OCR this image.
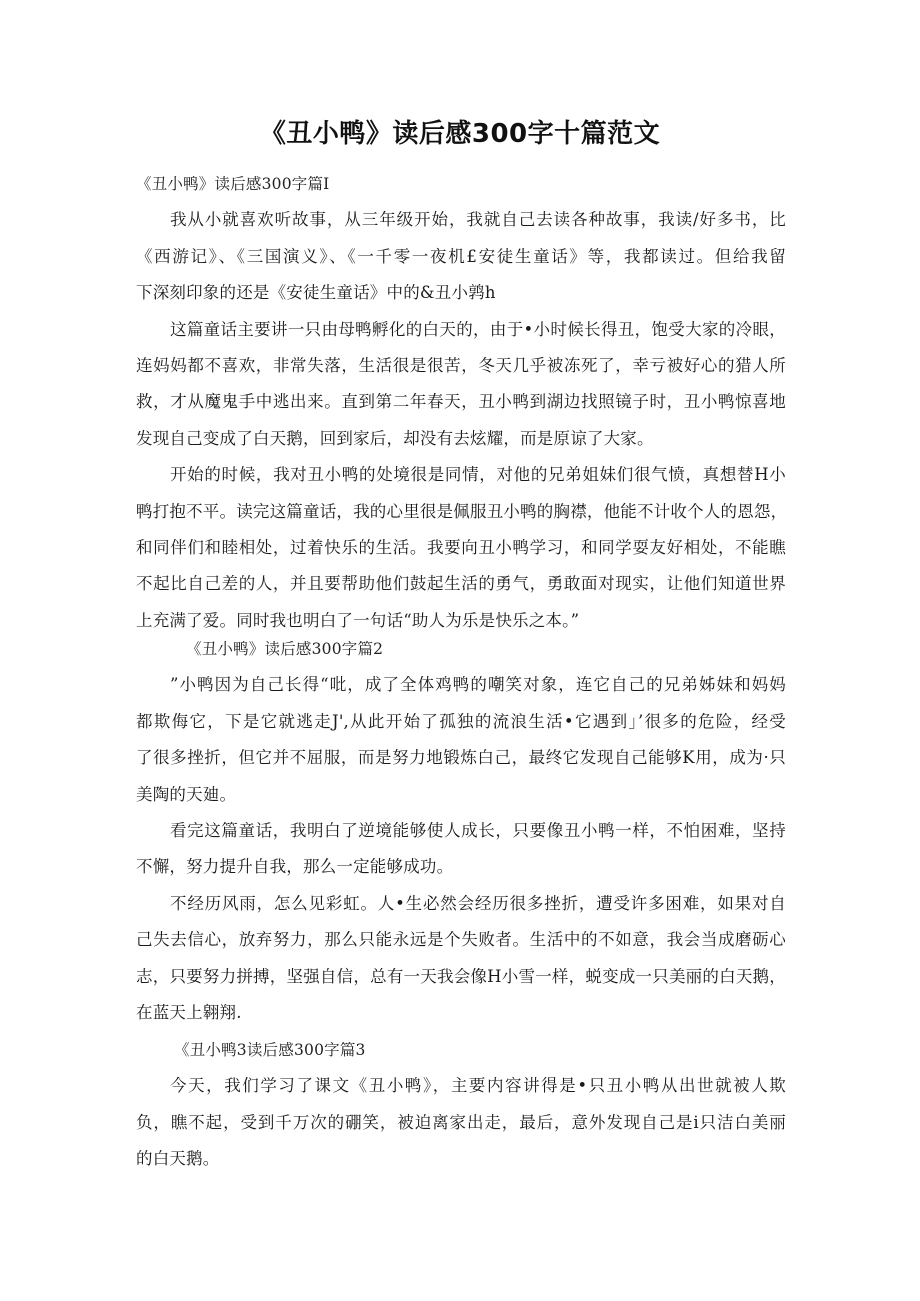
《丑小鸭》读后感300字十篇范文
《丑小鸭》读后感300字篇I
我从小就喜欢听故事，从三年级开始，我就自己去读各种故事，我读/好多书，比
《西游记》、《三国演义》、《一千零一夜机£安徒生童话》等，我都读过。但给我留
下深刻印象的还是《安徒生童话》中的&丑小鹑h
这篇童话主要讲一只由母鸭孵化的白天的，由于•小时候长得丑，饱受大家的冷眼，
连妈妈都不喜欢，非常失落，生活很是很苦，冬天几乎被冻死了，幸亏被好心的猎人所
救，才从魔鬼手中逃出来。直到第二年春天，丑小鸭到湖边找照镜子时，丑小鸭惊喜地
发现自己变成了白天鹅，回到家后，却没有去炫耀，而是原谅了大家。
开始的时候，我对丑小鸭的处境很是同情，对他的兄弟姐妹们很气愤，真想替H小
鸭打抱不平。读完这篇童话，我的心里很是佩服丑小鸭的胸襟，他能不计收个人的恩怨，
和同伴们和睦相处，过着快乐的生活。我要向丑小鸭学习，和同学耍友好相处，不能瞧
不起比自己差的人，并且要帮助他们鼓起生活的勇气，勇敢面对现实，让他们知道世界
上充满了爱。同时我也明白了一句话“助人为乐是快乐之本。”
《丑小鸭》读后感300字篇2
”小鸭因为自己长得“吡，成了全体鸡鸭的嘲笑对象，连它自己的兄弟姊妹和妈妈
都欺侮它，下是它就逃走J',从此开始了孤独的流浪生活•它遇到」’很多的危险，经受
了很多挫折，但它并不屈服，而是努力地锻炼白己，最终它发现自己能够K用，成为·只
美陶的天廸。
看完这篇童话，我明白了逆境能够使人成长，只要像丑小鸭一样，不怕困难，坚持
不懈，努力提升自我，那么一定能够成功。
不经历风雨，怎么见彩虹。人•生必然会经历很多挫折，遭受许多困难，如果对自
己失去信心，放弃努力，那么只能永远是个失败者。生活中的不如意，我会当成磨砺心
志，只要努力拼搏，坚强自信，总有一天我会像H小雪一样，蜕变成一只美丽的白天鹅，
在蓝天上翱翔.
《丑小鸭3读后感300字篇3
今天，我们学习了课文《丑小鸭》，主要内容讲得是•只丑小鸭从出世就被人欺
负，瞧不起，受到千万次的硼笑，被迫离家出走，最后，意外发现自己是i只洁白美丽
的白天鹅。
